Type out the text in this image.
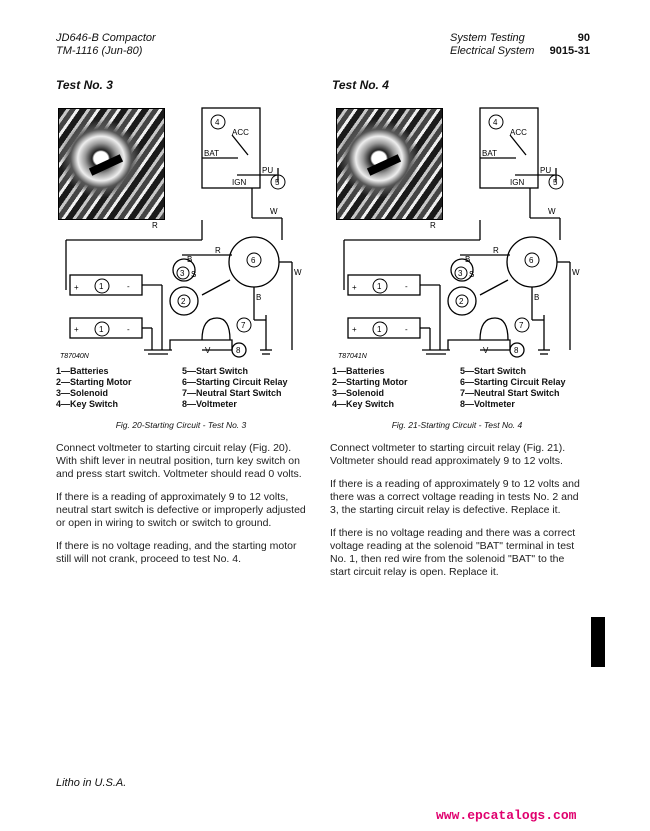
JD646-B Compactor
TM-1116 (Jun-80)
System Testing	90
Electrical System 9015-31
Test No. 3	Test No. 4
4
ACC
BAT
IGN
PU
5
R
W
R
W
B
6
B
3 S
2
7
V	8
+	1	-
+	1	-
T87040N
4
ACC
BAT
IGN
PU
5
R
W
R
W
B
6
B
3 S
2
7
V	8
+	1	-
+	1	-
T87041N
1—Batteries
2—Starting Motor
3—Solenoid
4—Key Switch
5—Start Switch
6—Starting Circuit Relay
7—Neutral Start Switch
8—Voltmeter
1—Batteries
2—Starting Motor
3—Solenoid
4—Key Switch
5—Start Switch
6—Starting Circuit Relay
7—Neutral Start Switch
8—Voltmeter
Fig. 20-Starting Circuit - Test No. 3	Fig. 21-Starting Circuit - Test No. 4

Connect voltmeter to starting circuit relay (Fig. 20). With shift lever in neutral position, turn key switch on and press start switch. Voltmeter should read 0 volts.

If there is a reading of approximately 9 to 12 volts, neutral start switch is defective or improperly adjusted or open in wiring to switch or switch to ground.

If there is no voltage reading, and the starting motor still will not crank, proceed to test No. 4.

Connect voltmeter to starting circuit relay (Fig. 21). Voltmeter should read approximately 9 to 12 volts.

If there is a reading of approximately 9 to 12 volts and there was a correct voltage reading in tests No. 2 and 3, the starting circuit relay is defective. Replace it.

If there is no voltage reading and there was a correct voltage reading at the solenoid "BAT" terminal in test No. 1, then red wire from the solenoid "BAT" to the start circuit relay is open. Replace it.

Litho in U.S.A.
www.epcatalogs.com
